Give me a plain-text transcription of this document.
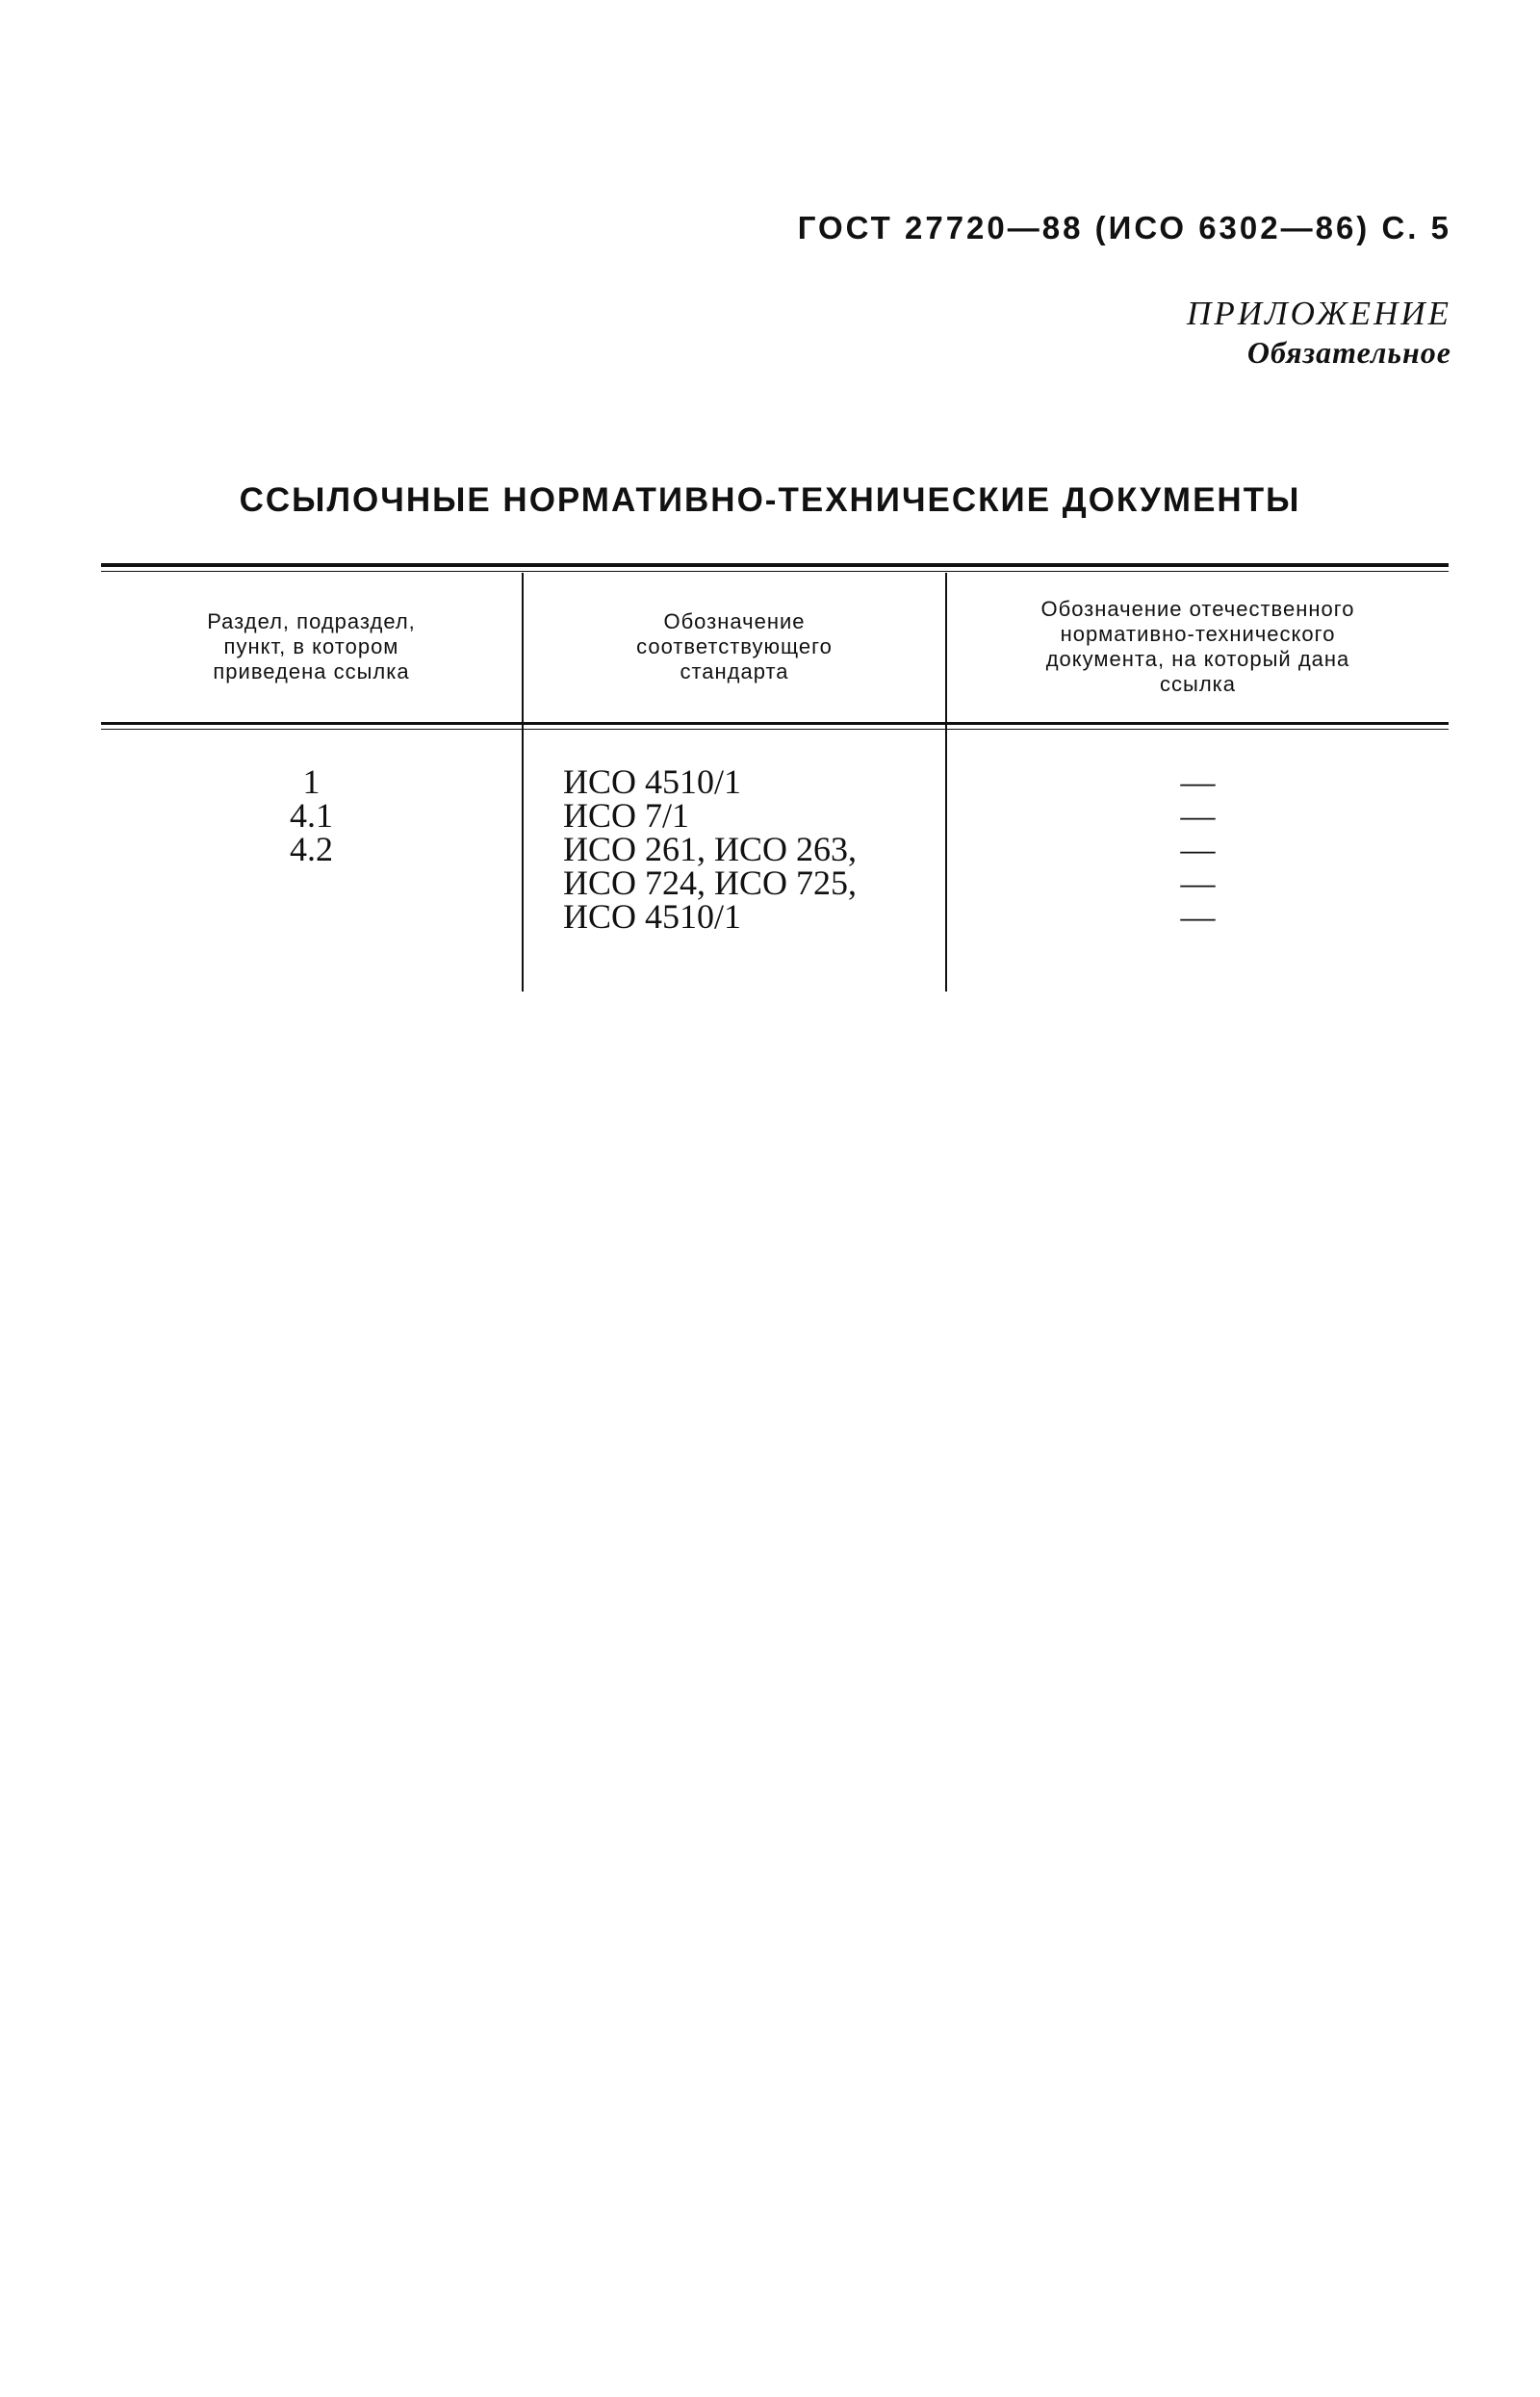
ГОСТ 27720—88 (ИСО 6302—86) С. 5
ПРИЛОЖЕНИЕ
Обязательное
ССЫЛОЧНЫЕ НОРМАТИВНО-ТЕХНИЧЕСКИЕ ДОКУМЕНТЫ
Раздел, подраздел,
пункт, в котором
приведена ссылка
Обозначение
соответствующего
стандарта
Обозначение отечественного
нормативно-технического
документа, на который дана
ссылка
1
4.1
4.2
ИСО 4510/1
ИСО 7/1
ИСО 261, ИСО 263,
ИСО 724, ИСО 725,
ИСО 4510/1
—
—
—
—
—
